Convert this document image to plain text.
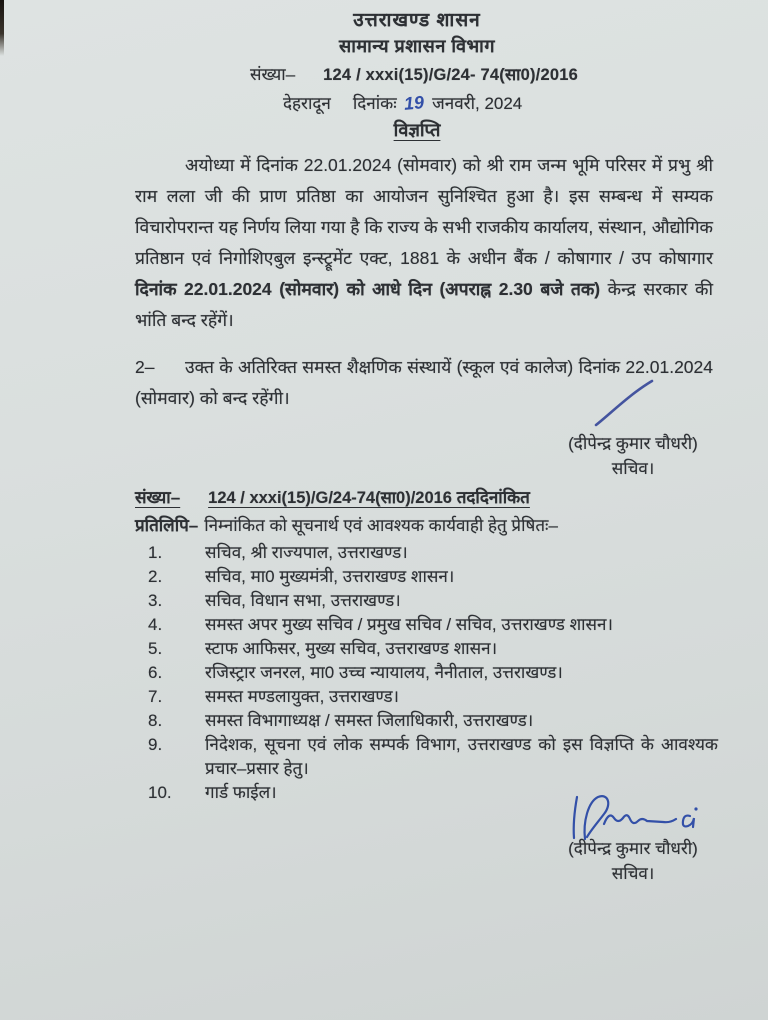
उत्तराखण्ड शासन
सामान्य प्रशासन विभाग
संख्या– 124 / xxxi(15)/G/24- 74(सा0)/2016
देहरादून दिनांकः 19 जनवरी, 2024
विज्ञप्ति
अयोध्या में दिनांक 22.01.2024 (सोमवार) को श्री राम जन्म भूमि परिसर में प्रभु श्री राम लला जी की प्राण प्रतिष्ठा का आयोजन सुनिश्चित हुआ है। इस सम्बन्ध में सम्यक विचारोपरान्त यह निर्णय लिया गया है कि राज्य के सभी राजकीय कार्यालय, संस्थान, औद्योगिक प्रतिष्ठान एवं निगोशिएबुल इन्स्ट्रूमेंट एक्ट, 1881 के अधीन बैंक / कोषागार / उप कोषागार दिनांक 22.01.2024 (सोमवार) को आधे दिन (अपराह्न 2.30 बजे तक) केन्द्र सरकार की भांति बन्द रहेंगें।
2– उक्त के अतिरिक्त समस्त शैक्षणिक संस्थायें (स्कूल एवं कालेज) दिनांक 22.01.2024 (सोमवार) को बन्द रहेंगी।
(दीपेन्द्र कुमार चौधरी)
सचिव।
संख्या– 124 / xxxi(15)/G/24-74(सा0)/2016 तददिनांकित
प्रतिलिपि– निम्नांकित को सूचनार्थ एवं आवश्यक कार्यवाही हेतु प्रेषितः–
1.	सचिव, श्री राज्यपाल, उत्तराखण्ड।
2.	सचिव, मा0 मुख्यमंत्री, उत्तराखण्ड शासन।
3.	सचिव, विधान सभा, उत्तराखण्ड।
4.	समस्त अपर मुख्य सचिव / प्रमुख सचिव / सचिव, उत्तराखण्ड शासन।
5.	स्टाफ आफिसर, मुख्य सचिव, उत्तराखण्ड शासन।
6.	रजिस्ट्रार जनरल, मा0 उच्च न्यायालय, नैनीताल, उत्तराखण्ड।
7.	समस्त मण्डलायुक्त, उत्तराखण्ड।
8.	समस्त विभागाध्यक्ष / समस्त जिलाधिकारी, उत्तराखण्ड।
9.	निदेशक, सूचना एवं लोक सम्पर्क विभाग, उत्तराखण्ड को इस विज्ञप्ति के आवश्यक प्रचार–प्रसार हेतु।
10. गार्ड फाईल।
(दीपेन्द्र कुमार चौधरी)
सचिव।
